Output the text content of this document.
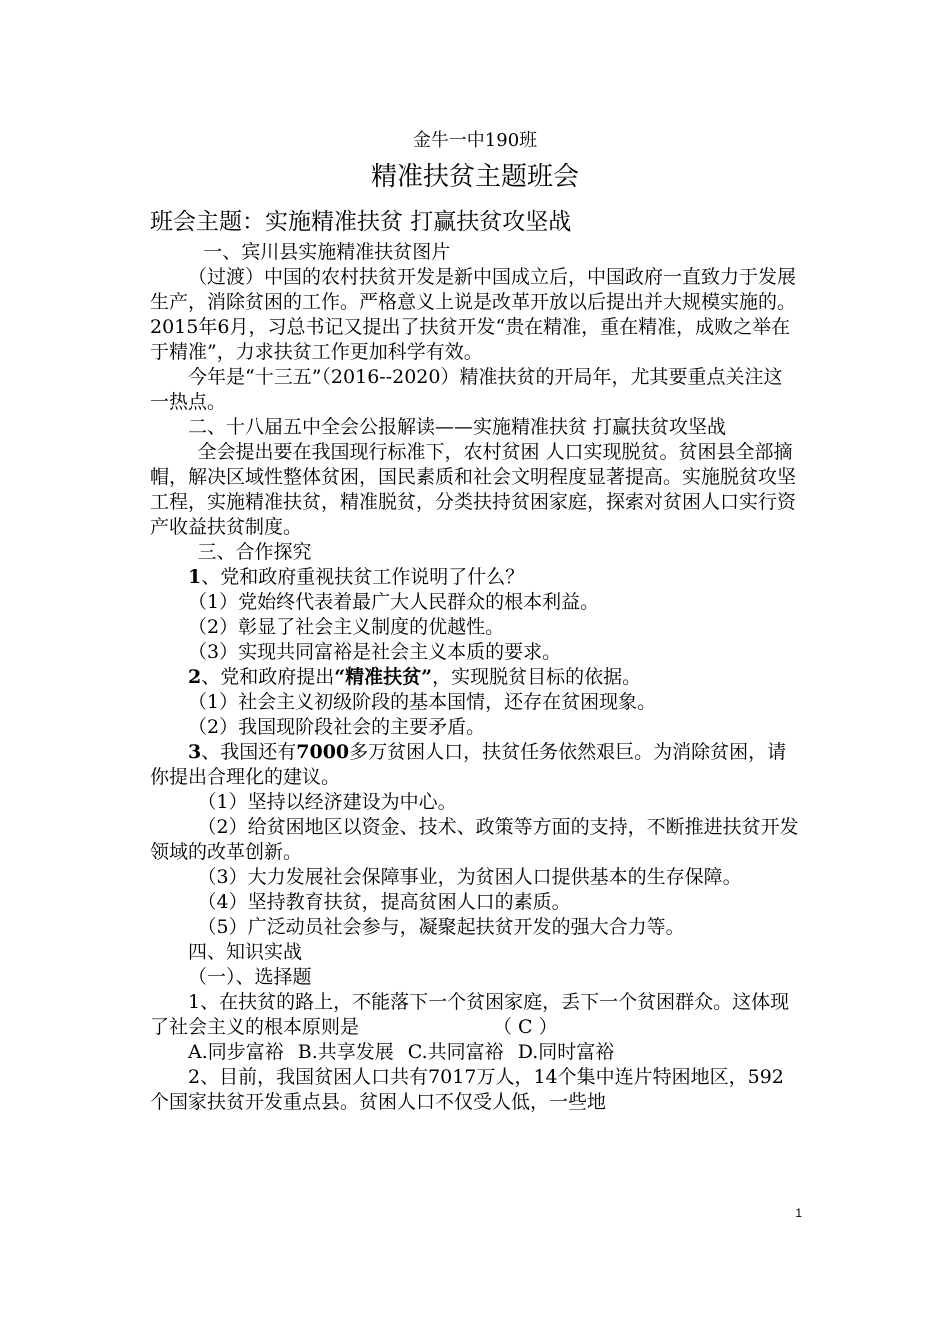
金牛一中190班

精准扶贫主题班会

班会主题：实施精准扶贫 打赢扶贫攻坚战

一、宾川县实施精准扶贫图片

（过渡）中国的农村扶贫开发是新中国成立后，中国政府一直致力于发展生产，消除贫困的工作。严格意义上说是改革开放以后提出并大规模实施的。2015年6月，习总书记又提出了扶贫开发“贵在精准，重在精准，成败之举在于精准”，力求扶贫工作更加科学有效。

今年是“十三五”（2016--2020）精准扶贫的开局年，尤其要重点关注这一热点。

二、十八届五中全会公报解读——实施精准扶贫 打赢扶贫攻坚战

全会提出要在我国现行标准下，农村贫困 人口实现脱贫。贫困县全部摘帽，解决区域性整体贫困，国民素质和社会文明程度显著提高。实施脱贫攻坚工程，实施精准扶贫，精准脱贫，分类扶持贫困家庭，探索对贫困人口实行资产收益扶贫制度。

三、合作探究

1、党和政府重视扶贫工作说明了什么？

（1）党始终代表着最广大人民群众的根本利益。

（2）彰显了社会主义制度的优越性。

（3）实现共同富裕是社会主义本质的要求。

2、党和政府提出“精准扶贫”，实现脱贫目标的依据。

（1）社会主义初级阶段的基本国情，还存在贫困现象。

（2）我国现阶段社会的主要矛盾。

3、我国还有7000多万贫困人口，扶贫任务依然艰巨。为消除贫困，请你提出合理化的建议。

（1）坚持以经济建设为中心。

（2）给贫困地区以资金、技术、政策等方面的支持，不断推进扶贫开发领域的改革创新。

（3）大力发展社会保障事业，为贫困人口提供基本的生存保障。

（4）坚持教育扶贫，提高贫困人口的素质。

（5）广泛动员社会参与，凝聚起扶贫开发的强大合力等。

四、知识实战

（一）、选择题

1、在扶贫的路上，不能落下一个贫困家庭，丢下一个贫困群众。这体现了社会主义的根本原则是	（ C ）

A.同步富裕 B.共享发展 C.共同富裕 D.同时富裕

2、目前，我国贫困人口共有7017万人，14个集中连片特困地区，592个国家扶贫开发重点县。贫困人口不仅受人低，一些地

1
